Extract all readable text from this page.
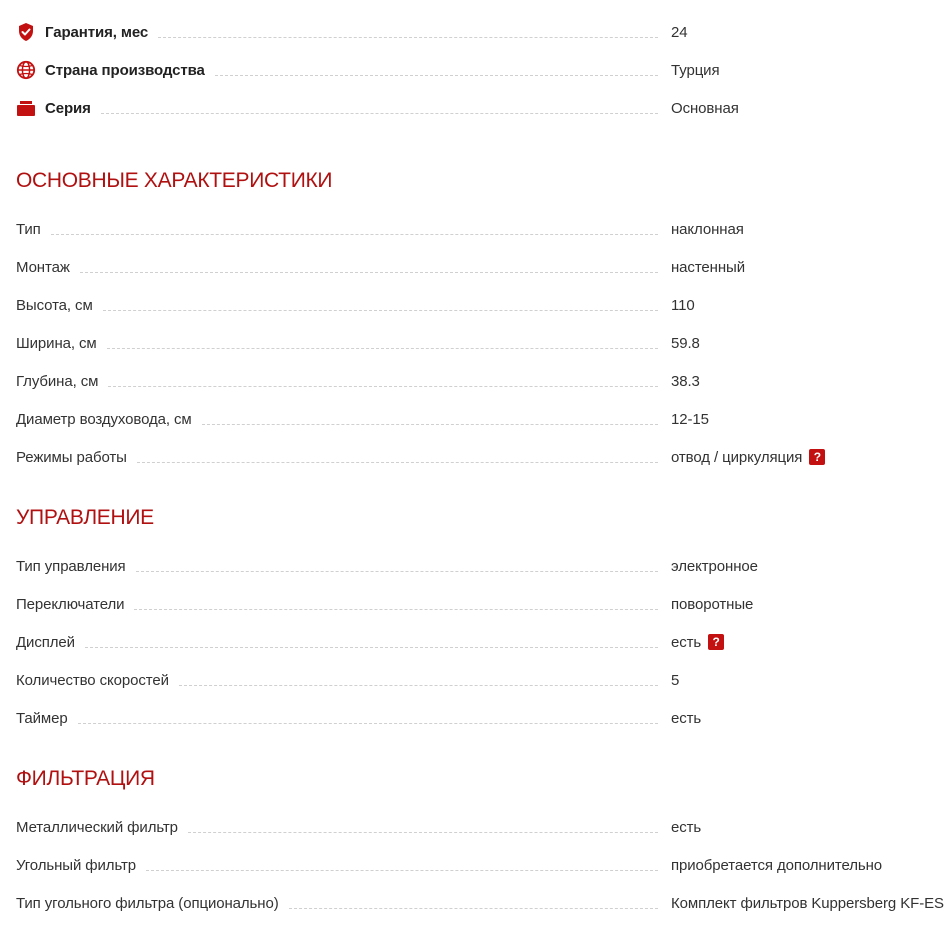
Гарантия, мес	24
Страна производства	Турция
Серия	Основная
ОСНОВНЫЕ ХАРАКТЕРИСТИКИ
Тип	наклонная
Монтаж	настенный
Высота, см	110
Ширина, см	59.8
Глубина, см	38.3
Диаметр воздуховода, см	12-15
Режимы работы	отвод / циркуляция ?
УПРАВЛЕНИЕ
Тип управления	электронное
Переключатели	поворотные
Дисплей	есть ?
Количество скоростей	5
Таймер	есть
ФИЛЬТРАЦИЯ
Металлический фильтр	есть
Угольный фильтр	приобретается дополнительно
Тип угольного фильтра (опционально)	Комплект фильтров Kuppersberg KF-ES
